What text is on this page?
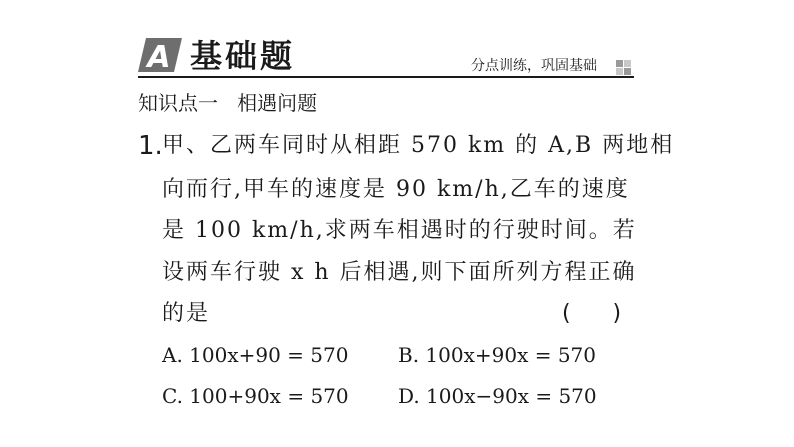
A 基础题	分点训练，巩固基础
知识点一   相遇问题
1. 甲、乙两车同时从相距 570 km 的 A,B 两地相
向而行,甲车的速度是 90 km/h,乙车的速度
是 100 km/h,求两车相遇时的行驶时间。若
设两车行驶 x h 后相遇,则下面所列方程正确
的是	(      )
A. 100x+90 = 570 B. 100x+90x = 570
C. 100+90x = 570 D. 100x−90x = 570
